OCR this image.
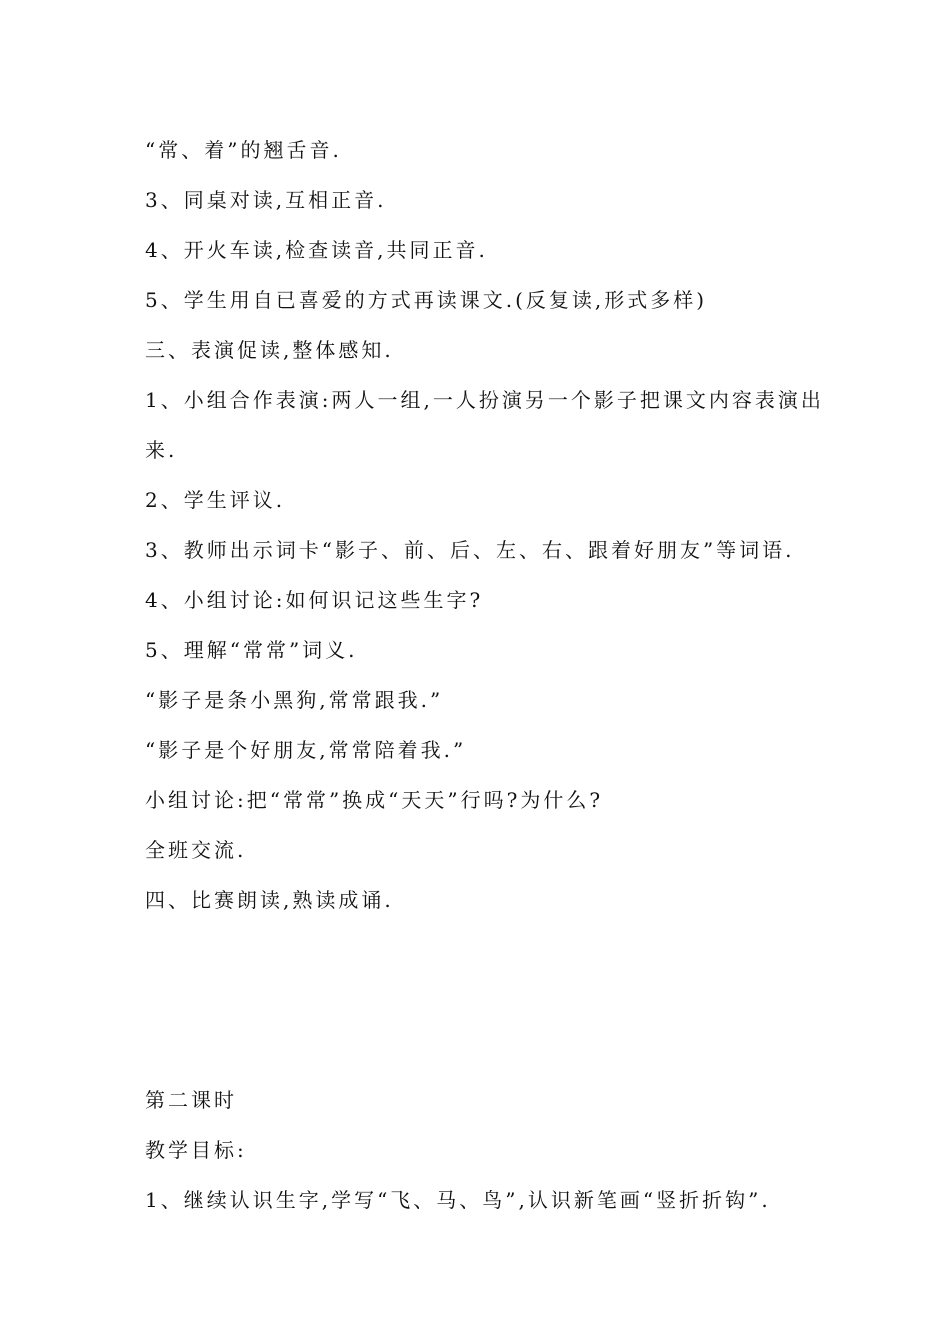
“常、着”的翘舌音.
3、同桌对读,互相正音.
4、开火车读,检查读音,共同正音.
5、学生用自已喜爱的方式再读课文.(反复读,形式多样)
三、表演促读,整体感知.
1、小组合作表演:两人一组,一人扮演另一个影子把课文内容表演出
来.
2、学生评议.
3、教师出示词卡“影子、前、后、左、右、跟着好朋友”等词语.
4、小组讨论:如何识记这些生字?
5、理解“常常”词义.
“影子是条小黑狗,常常跟我.”
“影子是个好朋友,常常陪着我.”
小组讨论:把“常常”换成“天天”行吗?为什么?
全班交流.
四、比赛朗读,熟读成诵.
第二课时
教学目标:
1、继续认识生字,学写“飞、马、鸟”,认识新笔画“竖折折钩”.
